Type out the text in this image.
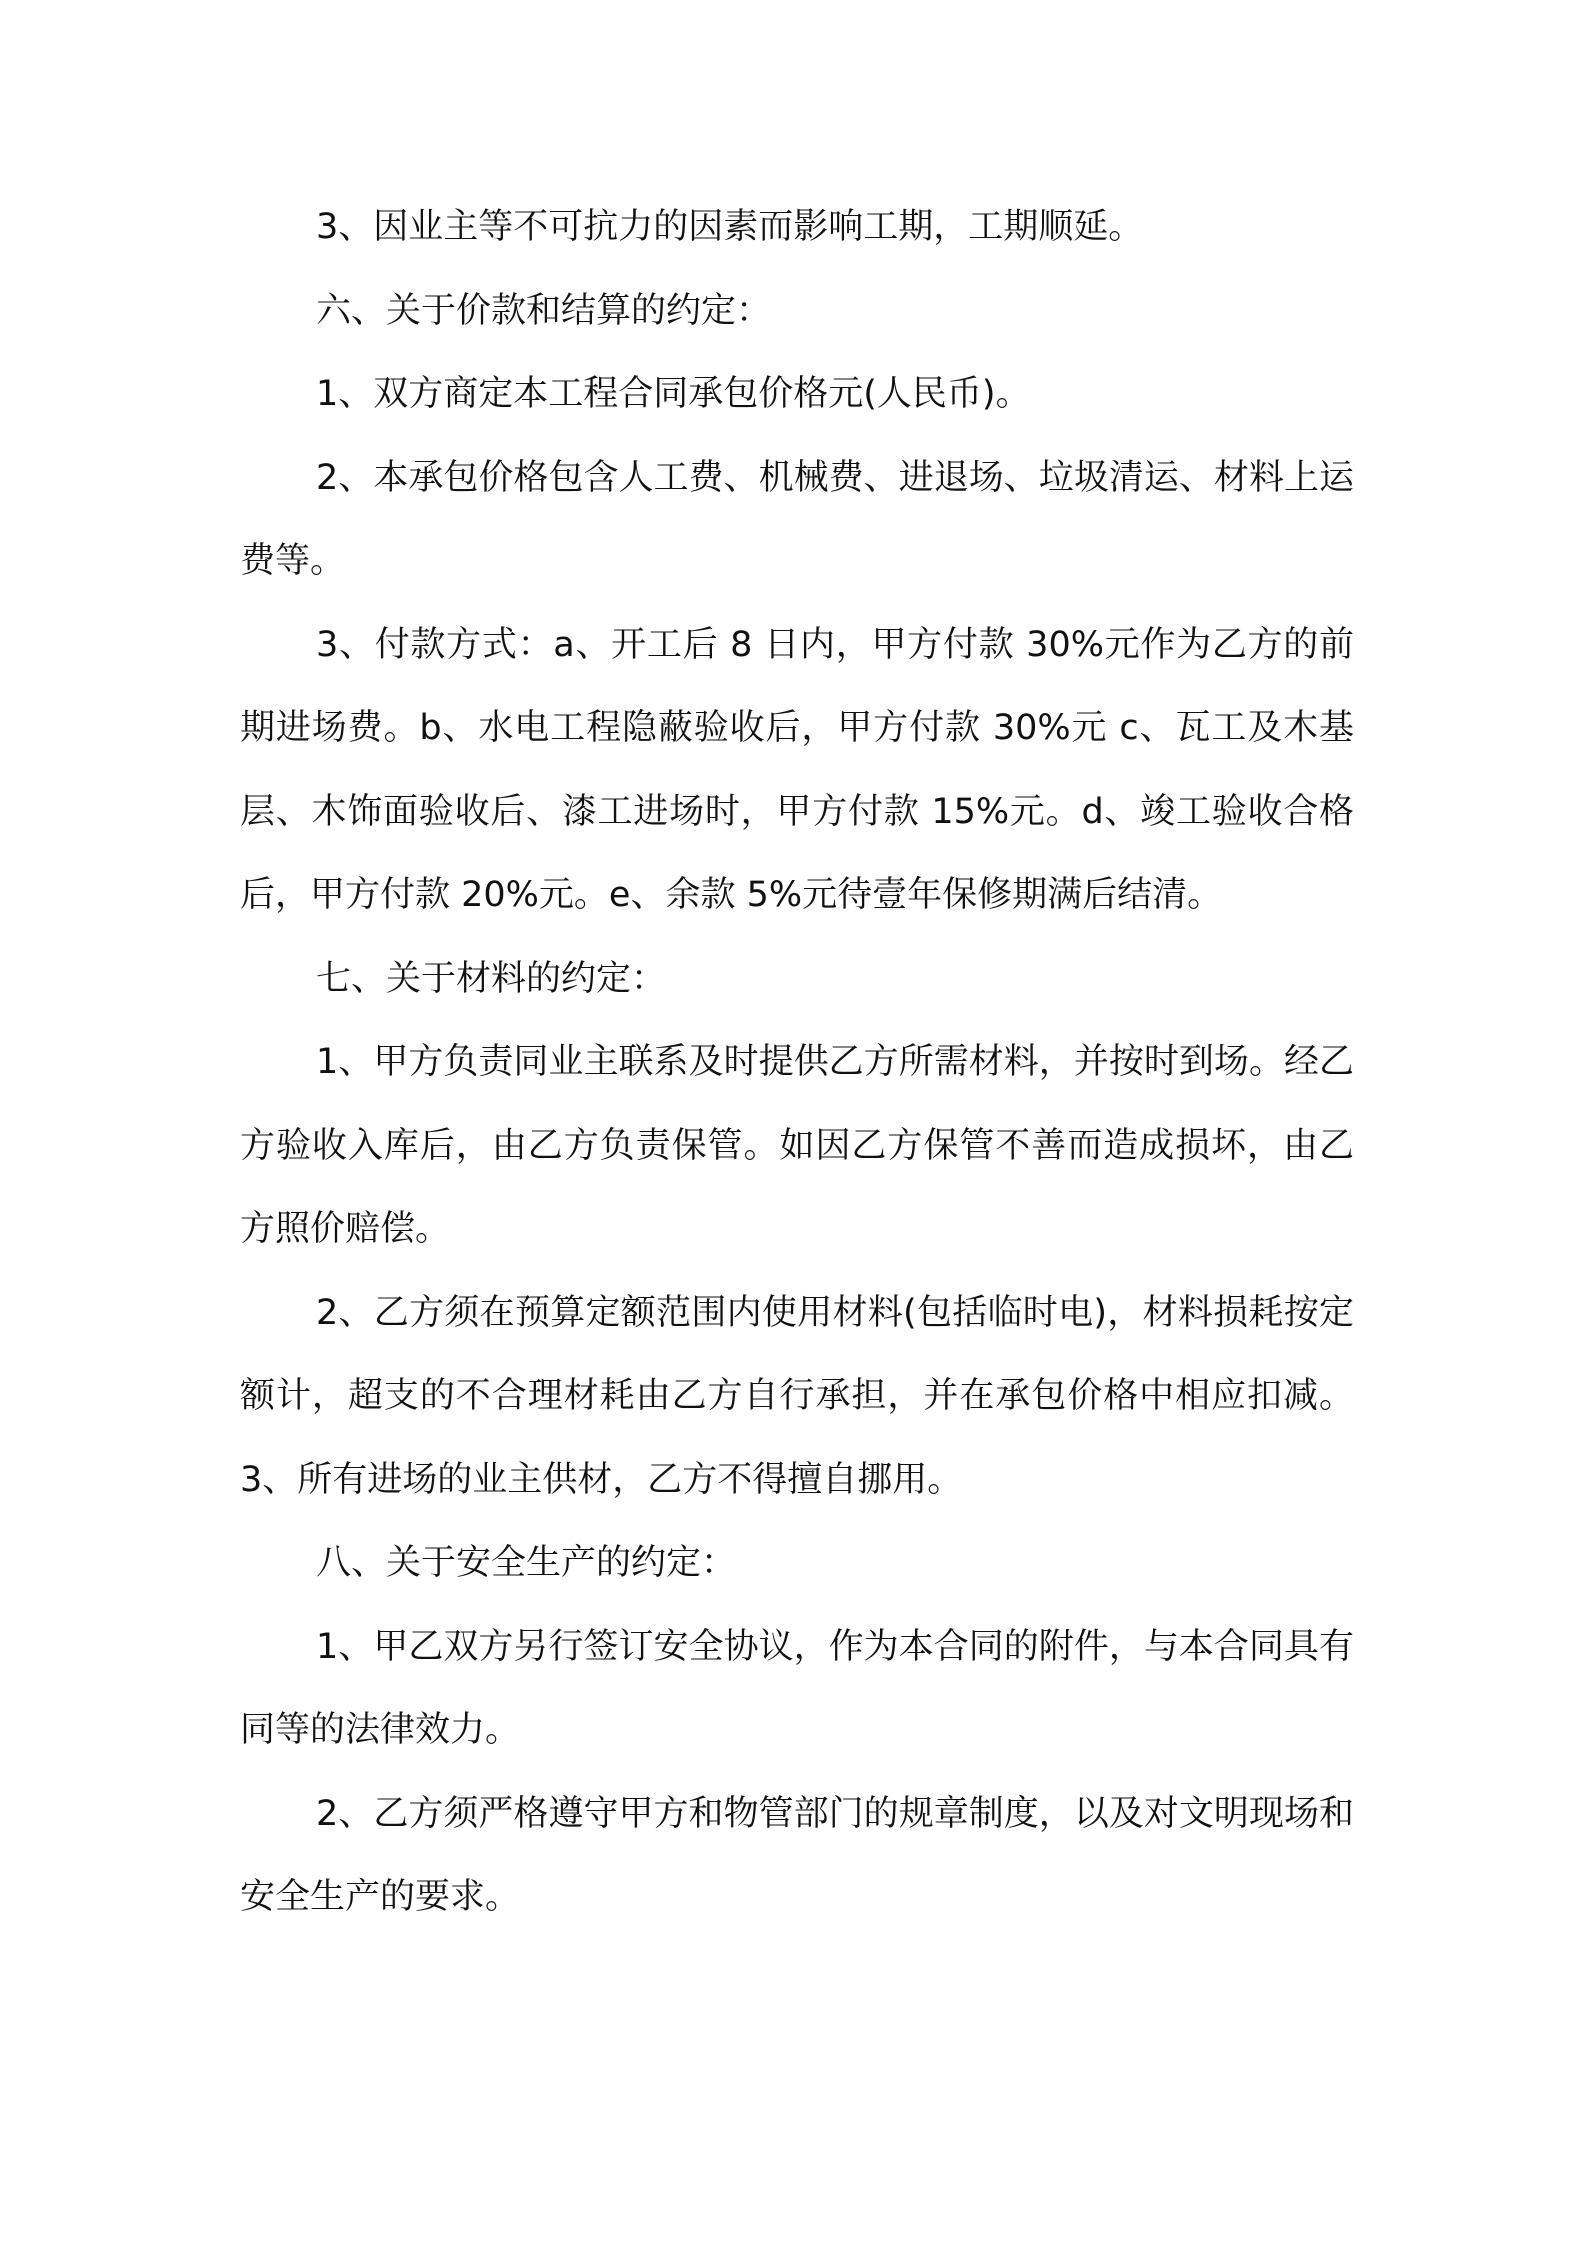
3、因业主等不可抗力的因素而影响工期，工期顺延。

六、关于价款和结算的约定：

1、双方商定本工程合同承包价格元(人民币)。

2、本承包价格包含人工费、机械费、进退场、垃圾清运、材料上运费等。

3、付款方式：a、开工后 8 日内，甲方付款 30%元作为乙方的前期进场费。b、水电工程隐蔽验收后，甲方付款 30%元 c、瓦工及木基层、木饰面验收后、漆工进场时，甲方付款 15%元。d、竣工验收合格后，甲方付款 20%元。e、余款 5%元待壹年保修期满后结清。

七、关于材料的约定：

1、甲方负责同业主联系及时提供乙方所需材料，并按时到场。经乙方验收入库后，由乙方负责保管。如因乙方保管不善而造成损坏，由乙方照价赔偿。

2、乙方须在预算定额范围内使用材料(包括临时电)，材料损耗按定额计，超支的不合理材耗由乙方自行承担，并在承包价格中相应扣减。3、所有进场的业主供材，乙方不得擅自挪用。

八、关于安全生产的约定：

1、甲乙双方另行签订安全协议，作为本合同的附件，与本合同具有同等的法律效力。

2、乙方须严格遵守甲方和物管部门的规章制度，以及对文明现场和安全生产的要求。
